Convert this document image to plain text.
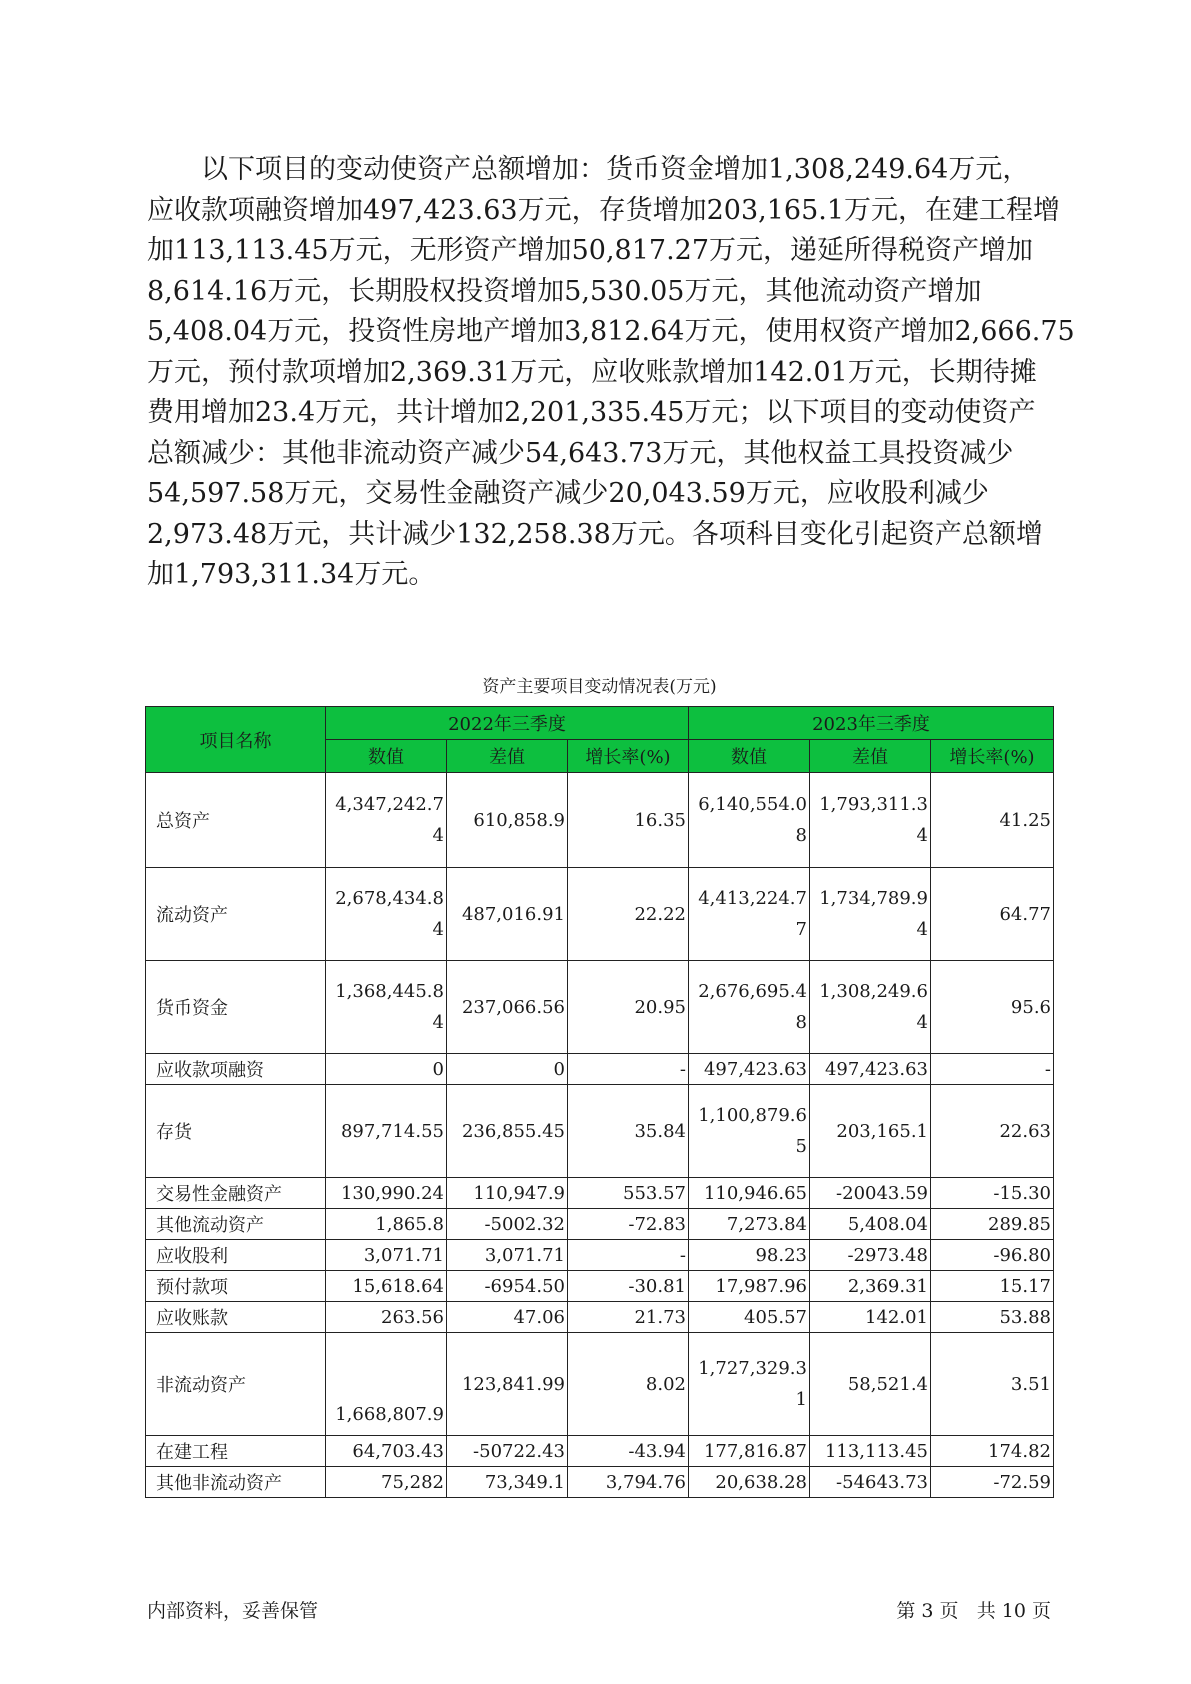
以下项目的变动使资产总额增加：货币资金增加1,308,249.64万元，
应收款项融资增加497,423.63万元，存货增加203,165.1万元，在建工程增
加113,113.45万元，无形资产增加50,817.27万元，递延所得税资产增加
8,614.16万元，长期股权投资增加5,530.05万元，其他流动资产增加
5,408.04万元，投资性房地产增加3,812.64万元，使用权资产增加2,666.75
万元，预付款项增加2,369.31万元，应收账款增加142.01万元，长期待摊
费用增加23.4万元，共计增加2,201,335.45万元；以下项目的变动使资产
总额减少：其他非流动资产减少54,643.73万元，其他权益工具投资减少
54,597.58万元，交易性金融资产减少20,043.59万元，应收股利减少
2,973.48万元，共计减少132,258.38万元。各项科目变化引起资产总额增
加1,793,311.34万元。
资产主要项目变动情况表(万元)
项目名称	2022年三季度			2023年三季度		
	数值	差值	增长率(%)	数值	差值	增长率(%)
总资产	4,347,242.74	610,858.9	16.35	6,140,554.08	1,793,311.34	41.25
流动资产	2,678,434.84	487,016.91	22.22	4,413,224.77	1,734,789.94	64.77
货币资金	1,368,445.84	237,066.56	20.95	2,676,695.48	1,308,249.64	95.6
应收款项融资	0	0	-	497,423.63	497,423.63	-
存货	897,714.55	236,855.45	35.84	1,100,879.65	203,165.1	22.63
交易性金融资产	130,990.24	110,947.9	553.57	110,946.65	-20043.59	-15.30
其他流动资产	1,865.8	-5002.32	-72.83	7,273.84	5,408.04	289.85
应收股利	3,071.71	3,071.71	-	98.23	-2973.48	-96.80
预付款项	15,618.64	-6954.50	-30.81	17,987.96	2,369.31	15.17
应收账款	263.56	47.06	21.73	405.57	142.01	53.88
非流动资产	1,668,807.9	123,841.99	8.02	1,727,329.31	58,521.4	3.51
在建工程	64,703.43	-50722.43	-43.94	177,816.87	113,113.45	174.82
其他非流动资产	75,282	73,349.1	3,794.76	20,638.28	-54643.73	-72.59
内部资料，妥善保管	第 3 页 共 10 页
